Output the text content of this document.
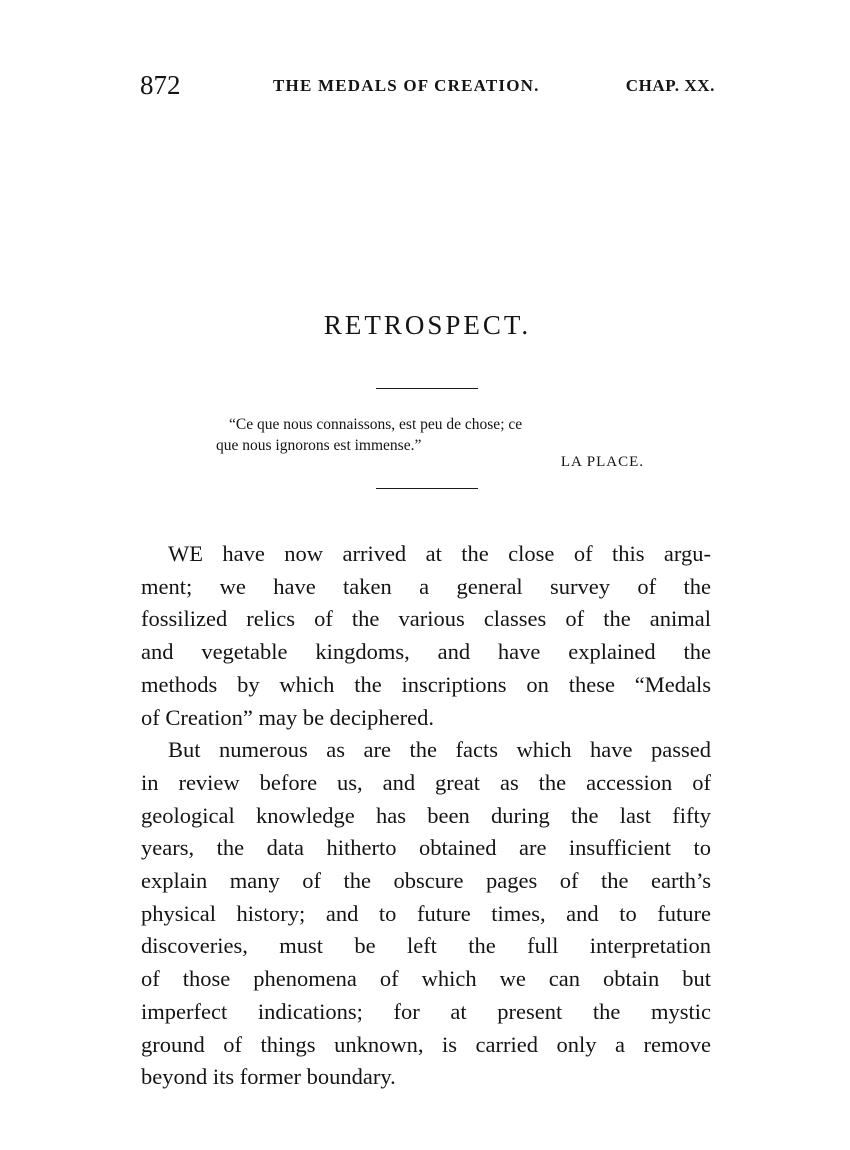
872	THE MEDALS OF CREATION.	CHAP. XX.
RETROSPECT.
“Ce que nous connaissons, est peu de chose; ce
que nous ignorons est immense.”
LA PLACE.
WE have now arrived at the close of this argu-
ment; we have taken a general survey of the
fossilized relics of the various classes of the animal
and vegetable kingdoms, and have explained the
methods by which the inscriptions on these “Medals
of Creation” may be deciphered.
But numerous as are the facts which have passed
in review before us, and great as the accession of
geological knowledge has been during the last fifty
years, the data hitherto obtained are insufficient to
explain many of the obscure pages of the earth’s
physical history; and to future times, and to future
discoveries, must be left the full interpretation
of those phenomena of which we can obtain but
imperfect indications; for at present the mystic
ground of things unknown, is carried only a remove
beyond its former boundary.
